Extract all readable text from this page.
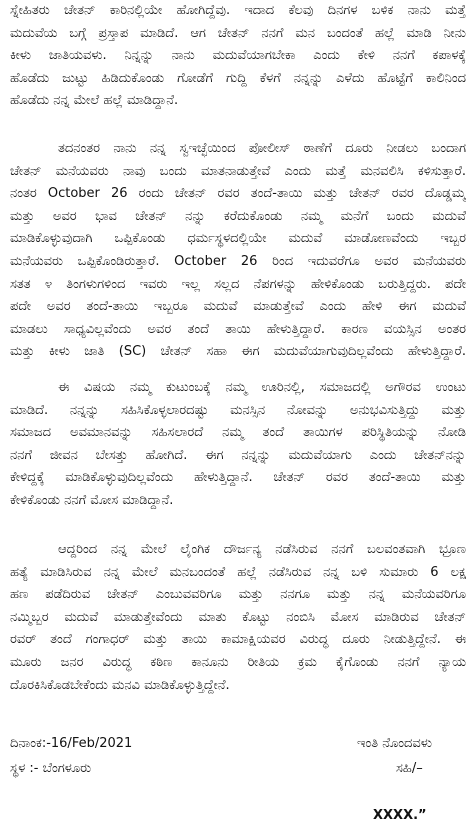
ಸ್ನೇಹಿತರು ಚೇತನ್ ಕಾರಿನಲ್ಲಿಯೇ ಹೋಗಿದ್ದೆವು. ಇದಾದ ಕೆಲವು ದಿನಗಳ ಬಳಿಕ ನಾನು ಮತ್ತೆ
ಮದುವೆಯ ಬಗ್ಗೆ ಪ್ರಸ್ತಾಪ ಮಾಡಿದೆ. ಆಗ ಚೇತನ್ ನನಗೆ ಮನ ಬಂದಂತೆ ಹಲ್ಲೆ ಮಾಡಿ ನೀನು
ಕೀಳು ಜಾತಿಯವಳು. ನಿನ್ನನ್ನು ನಾನು ಮದುವೆಯಾಗಬೇಕಾ ಎಂದು ಕೇಳಿ ನನಗೆ ಕಪಾಳಕ್ಕೆ
ಹೊಡೆದು ಜುಟ್ಟು ಹಿಡಿದುಕೊಂಡು ಗೋಡೆಗೆ ಗುದ್ದಿ ಕೆಳಗೆ ನನ್ನನ್ನು ಎಳೆದು ಹೊಟ್ಟೆಗೆ ಕಾಲಿನಿಂದ
ಹೊಡೆದು ನನ್ನ ಮೇಲೆ ಹಲ್ಲೆ ಮಾಡಿದ್ದಾನೆ.
ತದನಂತರ ನಾನು ನನ್ನ ಸ್ವಇಚ್ಛೆಯಿಂದ ಪೋಲೀಸ್ ಠಾಣೆಗೆ ದೂರು ನೀಡಲು ಬಂದಾಗ
ಚೇತನ್ ಮನೆಯವರು ನಾವು ಬಂದು ಮಾತನಾಡುತ್ತೇವೆ ಎಂದು ಮತ್ತೆ ಮನವಲಿಸಿ ಕಳಿಸುತ್ತಾರೆ.
ನಂತರ October 26 ರಂದು ಚೇತನ್ ರವರ ತಂದೆ-ತಾಯಿ ಮತ್ತು ಚೇತನ್ ರವರ ದೊಡ್ಡಮ್ಮ
ಮತ್ತು ಅವರ ಭಾವ ಚೇತನ್ ನನ್ನು ಕರೆದುಕೊಂಡು ನಮ್ಮ ಮನೆಗೆ ಬಂದು ಮದುವೆ
ಮಾಡಿಕೊಳ್ಳುವುದಾಗಿ ಒಪ್ಪಿಕೊಂಡು ಧರ್ಮಸ್ಥಳದಲ್ಲಿಯೇ ಮದುವೆ ಮಾಡೋಣವೆಂದು ಇಬ್ಬರ
ಮನೆಯವರು ಒಪ್ಪಿಕೊಂಡಿರುತ್ತಾರೆ. October 26 ರಿಂದ ಇದುವರೆಗೂ ಅವರ ಮನೆಯವರು
ಸತತ ೪ ತಿಂಗಳುಗಳಿಂದ ಇವರು ಇಲ್ಲ ಸಲ್ಲದ ನೆಪಗಳನ್ನು ಹೇಳಿಕೊಂಡು ಬರುತ್ತಿದ್ದರು. ಪದೇ
ಪದೇ ಅವರ ತಂದೆ-ತಾಯಿ ಇಬ್ಬರೂ ಮದುವೆ ಮಾಡುತ್ತೇವೆ ಎಂದು ಹೇಳಿ ಈಗ ಮದುವೆ
ಮಾಡಲು ಸಾಧ್ಯವಿಲ್ಲವೆಂದು ಅವರ ತಂದೆ ತಾಯಿ ಹೇಳುತ್ತಿದ್ದಾರೆ. ಕಾರಣ ವಯಸ್ಸಿನ ಅಂತರ
ಮತ್ತು ಕೀಳು ಜಾತಿ (SC) ಚೇತನ್ ಸಹಾ ಈಗ ಮದುವೆಯಾಗುವುದಿಲ್ಲವೆಂದು ಹೇಳುತ್ತಿದ್ದಾರೆ.
ಈ ವಿಷಯ ನಮ್ಮ ಕುಟುಂಬಕ್ಕೆ ನಮ್ಮ ಊರಿನಲ್ಲಿ, ಸಮಾಜದಲ್ಲಿ ಅಗೌರವ ಉಂಟು
ಮಾಡಿದೆ. ನನ್ನನ್ನು ಸಹಿಸಿಕೊಳ್ಳಲಾರದಷ್ಟು ಮನಸ್ಸಿನ ನೋವನ್ನು ಅನುಭವಿಸುತ್ತಿದ್ದು ಮತ್ತು
ಸಮಾಜದ ಅವಮಾನವನ್ನು ಸಹಿಸಲಾರದೆ ನಮ್ಮ ತಂದೆ ತಾಯಿಗಳ ಪರಿಸ್ಥಿತಿಯನ್ನು ನೋಡಿ
ನನಗೆ ಜೀವನ ಬೇಸತ್ತು ಹೋಗಿದೆ. ಈಗ ನನ್ನನ್ನು ಮದುವೆಯಾಗು ಎಂದು ಚೇತನ್‌ನನ್ನು
ಕೇಳಿದ್ದಕ್ಕೆ ಮಾಡಿಕೊಳ್ಳುವುದಿಲ್ಲವೆಂದು ಹೇಳುತ್ತಿದ್ದಾನೆ. ಚೇತನ್ ರವರ ತಂದೆ-ತಾಯಿ ಮತ್ತು
ಕೇಳಿಕೊಂಡು ನನಗೆ ಮೋಸ ಮಾಡಿದ್ದಾನೆ.
ಆದ್ದರಿಂದ ನನ್ನ ಮೇಲೆ ಲೈಂಗಿಕ ದೌರ್ಜನ್ಯ ನಡೆಸಿರುವ ನನಗೆ ಬಲವಂತವಾಗಿ ಭ್ರೂಣ
ಹತ್ಯೆ ಮಾಡಿಸಿರುವ ನನ್ನ ಮೇಲೆ ಮನಬಂದಂತೆ ಹಲ್ಲೆ ನಡೆಸಿರುವ ನನ್ನ ಬಳಿ ಸುಮಾರು 6 ಲಕ್ಷ
ಹಣ ಪಡೆದಿರುವ ಚೇತನ್ ಎಂಬುವವರಿಗೂ ಮತ್ತು ನನಗೂ ಮತ್ತು ನನ್ನ ಮನೆಯವರಿಗೂ
ನಮ್ಮಿಬ್ಬರ ಮದುವೆ ಮಾಡುತ್ತೇವೆಂದು ಮಾತು ಕೊಟ್ಟು ನಂಬಿಸಿ ಮೋಸ ಮಾಡಿರುವ ಚೇತನ್
ರವರ್ ತಂದೆ ಗಂಗಾಧರ್ ಮತ್ತು ತಾಯಿ ಕಾಮಾಕ್ಷಿಯವರ ವಿರುದ್ಧ ದೂರು ನೀಡುತ್ತಿದ್ದೇನೆ. ಈ
ಮೂರು ಜನರ ವಿರುದ್ಧ ಕಠಿಣ ಕಾನೂನು ರೀತಿಯ ಕ್ರಮ ಕೈಗೊಂಡು ನನಗೆ ನ್ಯಾಯ
ದೊರಕಿಸಿಕೊಡಬೇಕೆಂದು ಮನವಿ ಮಾಡಿಕೊಳ್ಳುತ್ತಿದ್ದೇನೆ.
ದಿನಾಂಕ:-16/Feb/2021	ಇಂತಿ ನೊಂದವಳು
ಸ್ಥಳ :- ಬೆಂಗಳೂರು	ಸಹಿ/–
XXXX.”
